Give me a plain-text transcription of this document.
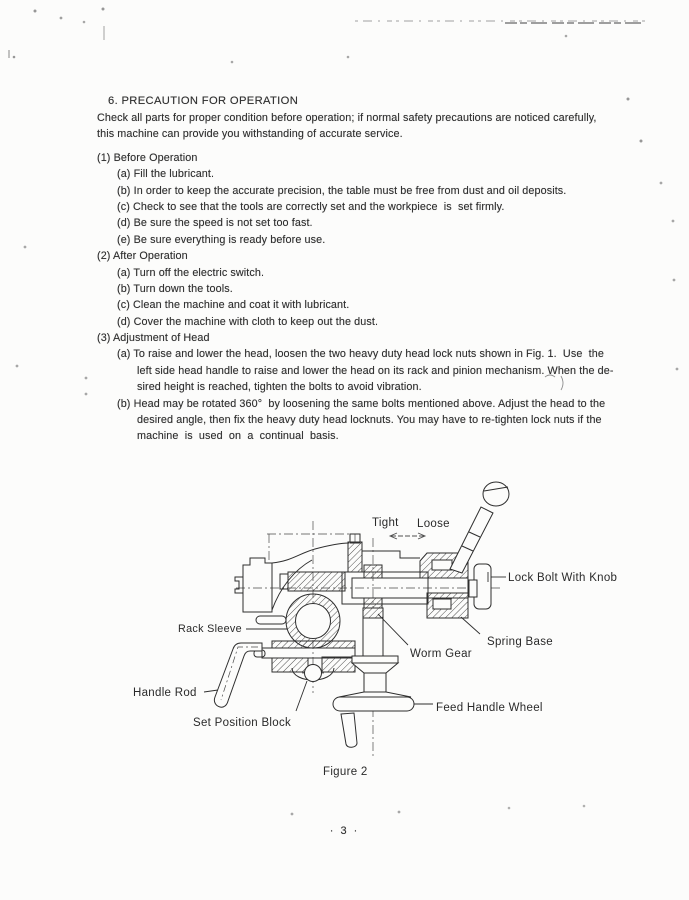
6. PRECAUTION FOR OPERATION
Check all parts for proper condition before operation; if normal safety precautions are noticed carefully,
this machine can provide you withstanding of accurate service.
(1) Before Operation
(a) Fill the lubricant.
(b) In order to keep the accurate precision, the table must be free from dust and oil deposits.
(c) Check to see that the tools are correctly set and the workpiece  is  set firmly.
(d) Be sure the speed is not set too fast.
(e) Be sure everything is ready before use.
(2) After Operation
(a) Turn off the electric switch.
(b) Turn down the tools.
(c) Clean the machine and coat it with lubricant.
(d) Cover the machine with cloth to keep out the dust.
(3) Adjustment of Head
(a) To raise and lower the head, loosen the two heavy duty head lock nuts shown in Fig. 1.  Use  the
left side head handle to raise and lower the head on its rack and pinion mechanism. When the de-
sired height is reached, tighten the bolts to avoid vibration.
(b) Head may be rotated 360°  by loosening the same bolts mentioned above. Adjust the head to the
desired angle, then fix the heavy duty head locknuts. You may have to re-tighten lock nuts if the
machine  is  used  on  a  continual  basis.
Tight Loose
Lock Bolt With Knob
Spring Base
Worm Gear
Rack Sleeve
Handle Rod
Set Position Block
Feed Handle Wheel
Figure 2
· 3 ·
